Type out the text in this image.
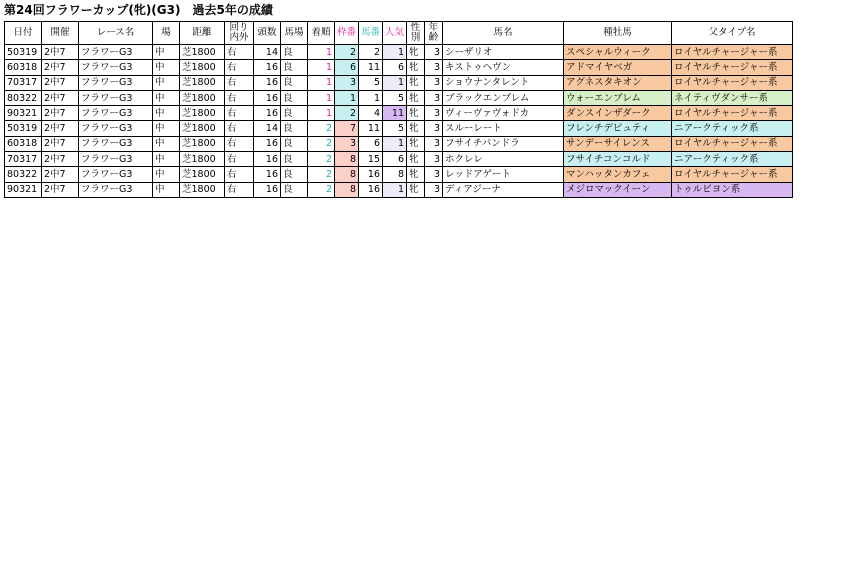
第24回フラワーカップ(牝)(G3)　過去5年の成績
日付	開催	レース名	場	距離	回り内外	頭数	馬場	着順	枠番	馬番	人気	性別	年齢	馬名	種牡馬	父タイプ名
50319	2中7	フラワーG3	中	芝1800	右	14	良	1	2	2	1	牝	3	シーザリオ	スペシャルウィーク	ロイヤルチャージャー系
60318	2中7	フラワーG3	中	芝1800	右	16	良	1	6	11	6	牝	3	キストゥヘヴン	アドマイヤベガ	ロイヤルチャージャー系
70317	2中7	フラワーG3	中	芝1800	右	16	良	1	3	5	1	牝	3	ショウナンタレント	アグネスタキオン	ロイヤルチャージャー系
80322	2中7	フラワーG3	中	芝1800	右	16	良	1	1	1	5	牝	3	ブラックエンブレム	ウォーエンブレム	ネイティヴダンサー系
90321	2中7	フラワーG3	中	芝1800	右	16	良	1	2	4	11	牝	3	ヴィーヴァヴォドカ	ダンスインザダーク	ロイヤルチャージャー系
50319	2中7	フラワーG3	中	芝1800	右	14	良	2	7	11	5	牝	3	スルーレート	フレンチデピュティ	ニアークティック系
60318	2中7	フラワーG3	中	芝1800	右	16	良	2	3	6	1	牝	3	フサイチパンドラ	サンデーサイレンス	ロイヤルチャージャー系
70317	2中7	フラワーG3	中	芝1800	右	16	良	2	8	15	6	牝	3	ホクレレ	フサイチコンコルド	ニアークティック系
80322	2中7	フラワーG3	中	芝1800	右	16	良	2	8	16	8	牝	3	レッドアゲート	マンハッタンカフェ	ロイヤルチャージャー系
90321	2中7	フラワーG3	中	芝1800	右	16	良	2	8	16	1	牝	3	ディアジーナ	メジロマックイーン	トゥルビヨン系
